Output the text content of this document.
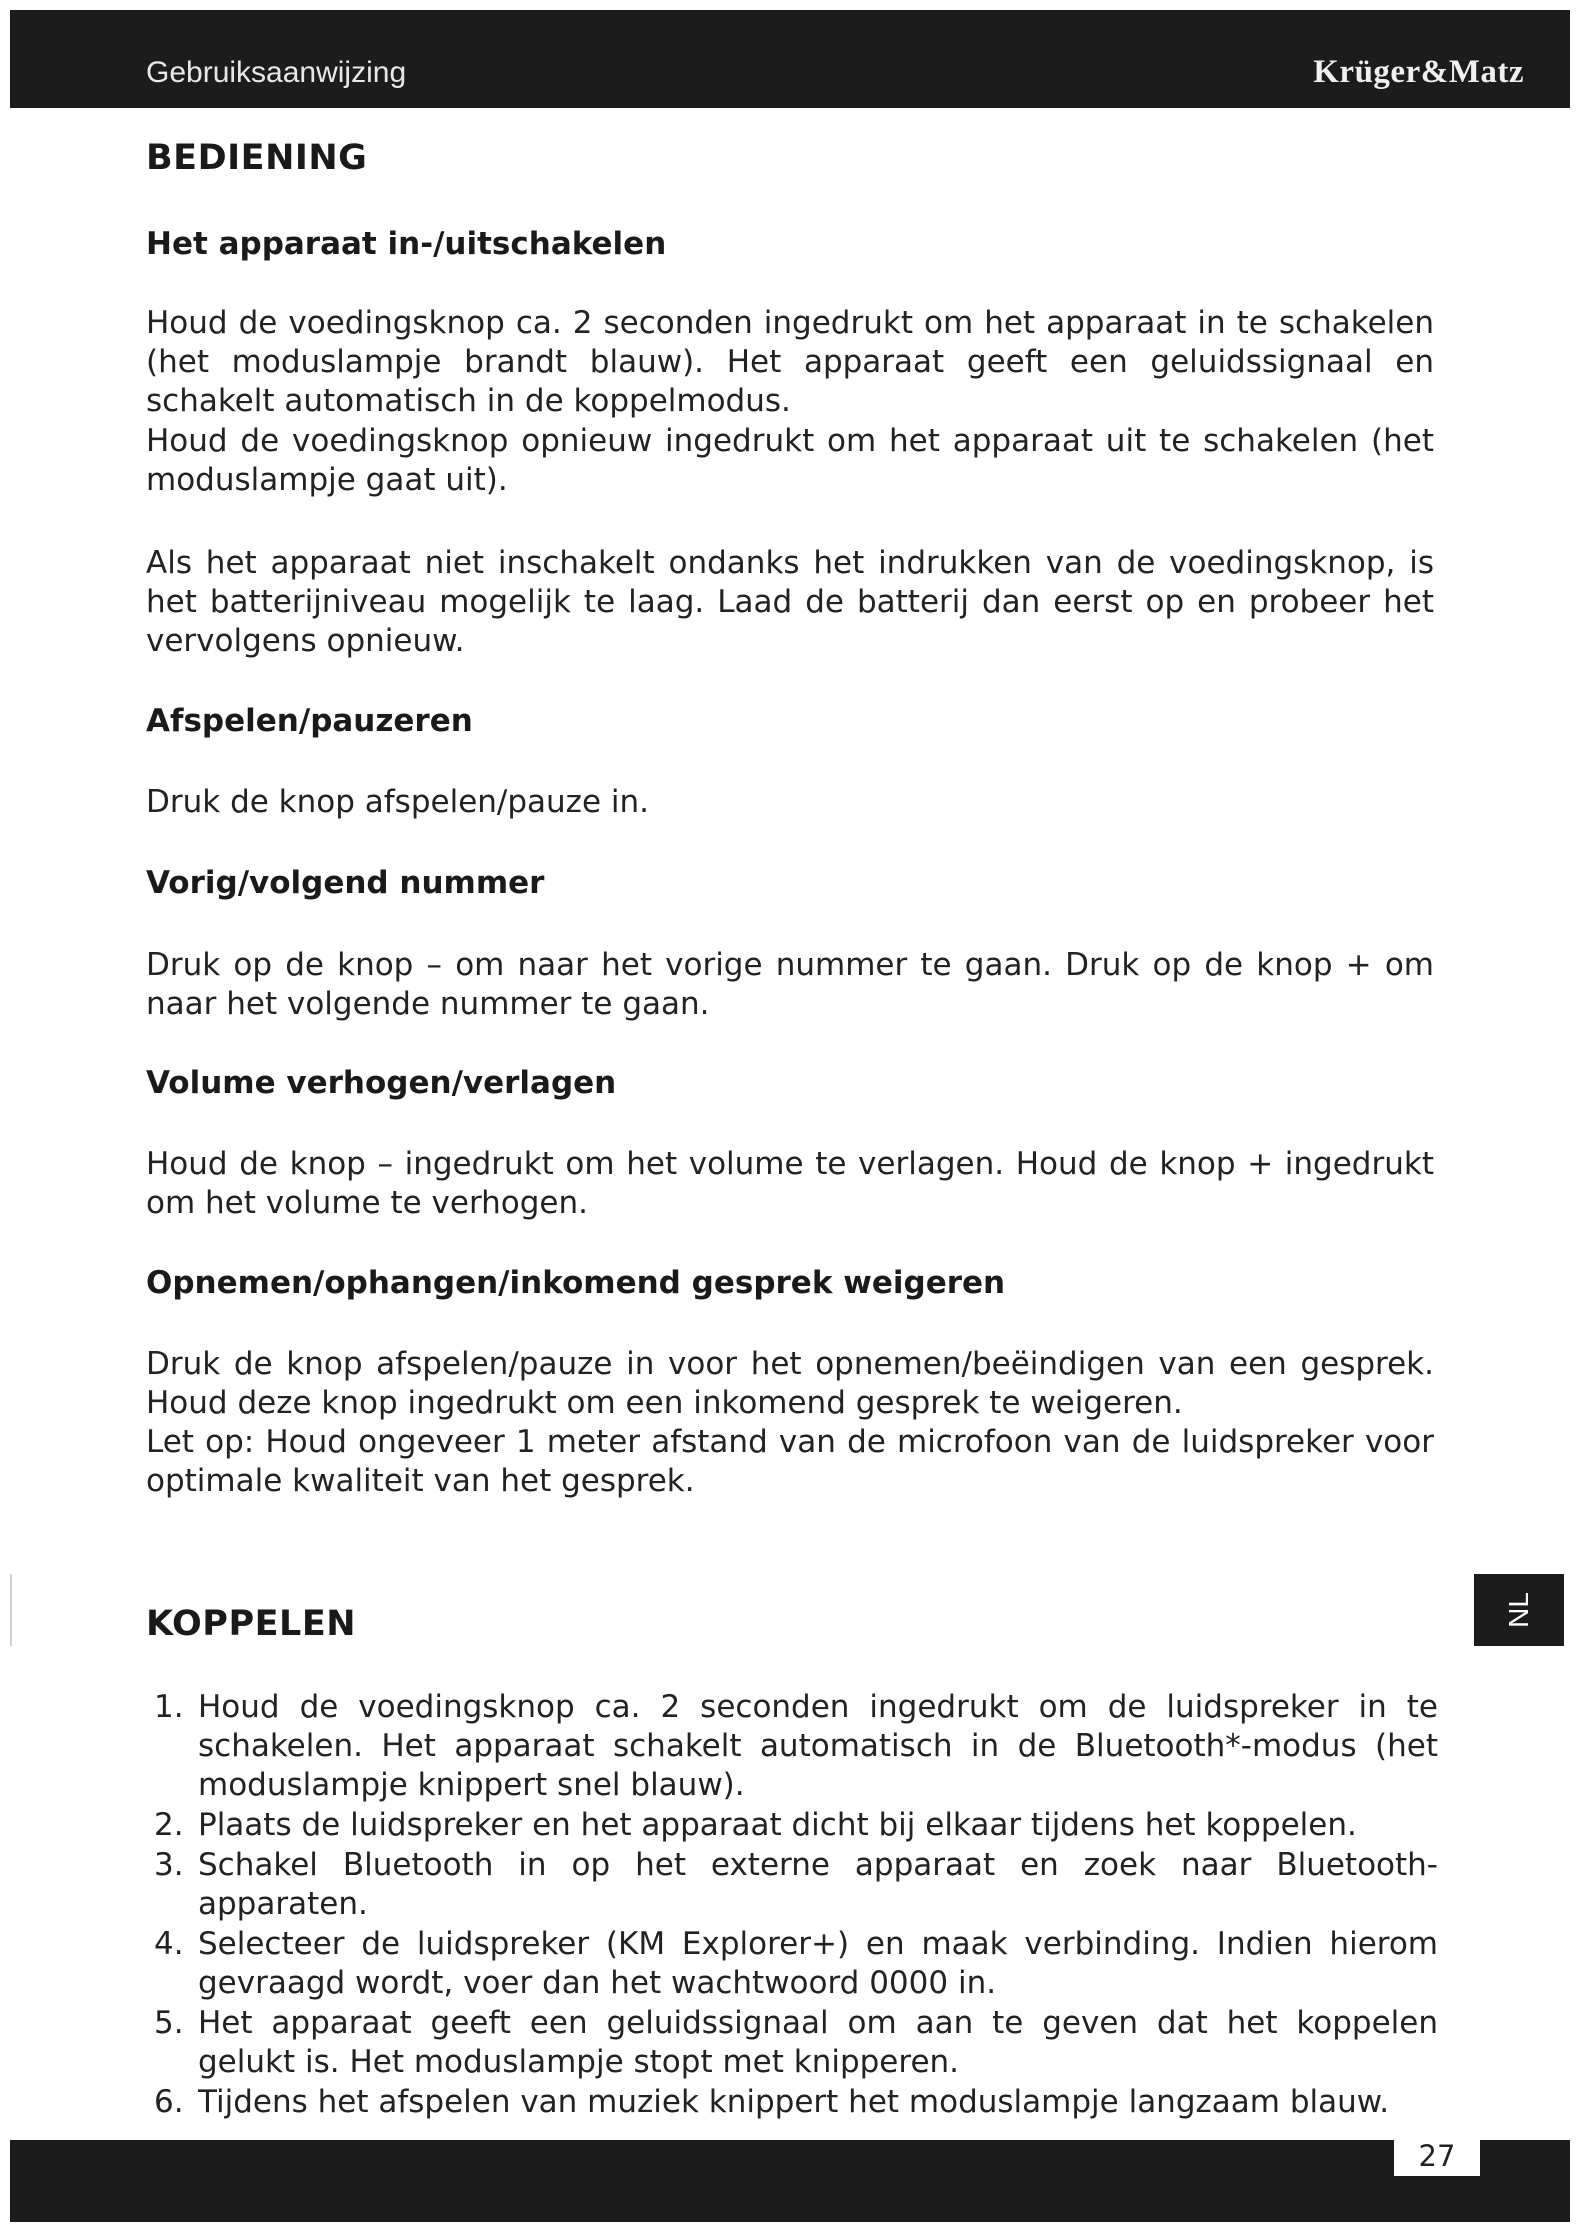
Gebruiksaanwijzing	Krüger&Matz
BEDIENING
Het apparaat in-/uitschakelen

Houd de voedingsknop ca. 2 seconden ingedrukt om het apparaat in te schakelen (het moduslampje brandt blauw). Het apparaat geeft een geluidssignaal en schakelt automatisch in de koppelmodus.

Houd de voedingsknop opnieuw ingedrukt om het apparaat uit te schakelen (het moduslampje gaat uit).

Als het apparaat niet inschakelt ondanks het indrukken van de voedingsknop, is het batterijniveau mogelijk te laag. Laad de batterij dan eerst op en probeer het vervolgens opnieuw.

Afspelen/pauzeren

Druk de knop afspelen/pauze in.

Vorig/volgend nummer

Druk op de knop – om naar het vorige nummer te gaan. Druk op de knop + om naar het volgende nummer te gaan.

Volume verhogen/verlagen

Houd de knop – ingedrukt om het volume te verlagen. Houd de knop + ingedrukt om het volume te verhogen.

Opnemen/ophangen/inkomend gesprek weigeren

Druk de knop afspelen/pauze in voor het opnemen/beëindigen van een gesprek. Houd deze knop ingedrukt om een inkomend gesprek te weigeren.

Let op: Houd ongeveer 1 meter afstand van de microfoon van de luidspreker voor optimale kwaliteit van het gesprek.

KOPPELEN	NL
1. Houd de voedingsknop ca. 2 seconden ingedrukt om de luidspreker in te schakelen. Het apparaat schakelt automatisch in de Bluetooth*-modus (het moduslampje knippert snel blauw).
2. Plaats de luidspreker en het apparaat dicht bij elkaar tijdens het koppelen.
3. Schakel Bluetooth in op het externe apparaat en zoek naar Bluetooth-apparaten.
4. Selecteer de luidspreker (KM Explorer+) en maak verbinding. Indien hierom gevraagd wordt, voer dan het wachtwoord 0000 in.
5. Het apparaat geeft een geluidssignaal om aan te geven dat het koppelen gelukt is. Het moduslampje stopt met knipperen.
6. Tijdens het afspelen van muziek knippert het moduslampje langzaam blauw.
27
